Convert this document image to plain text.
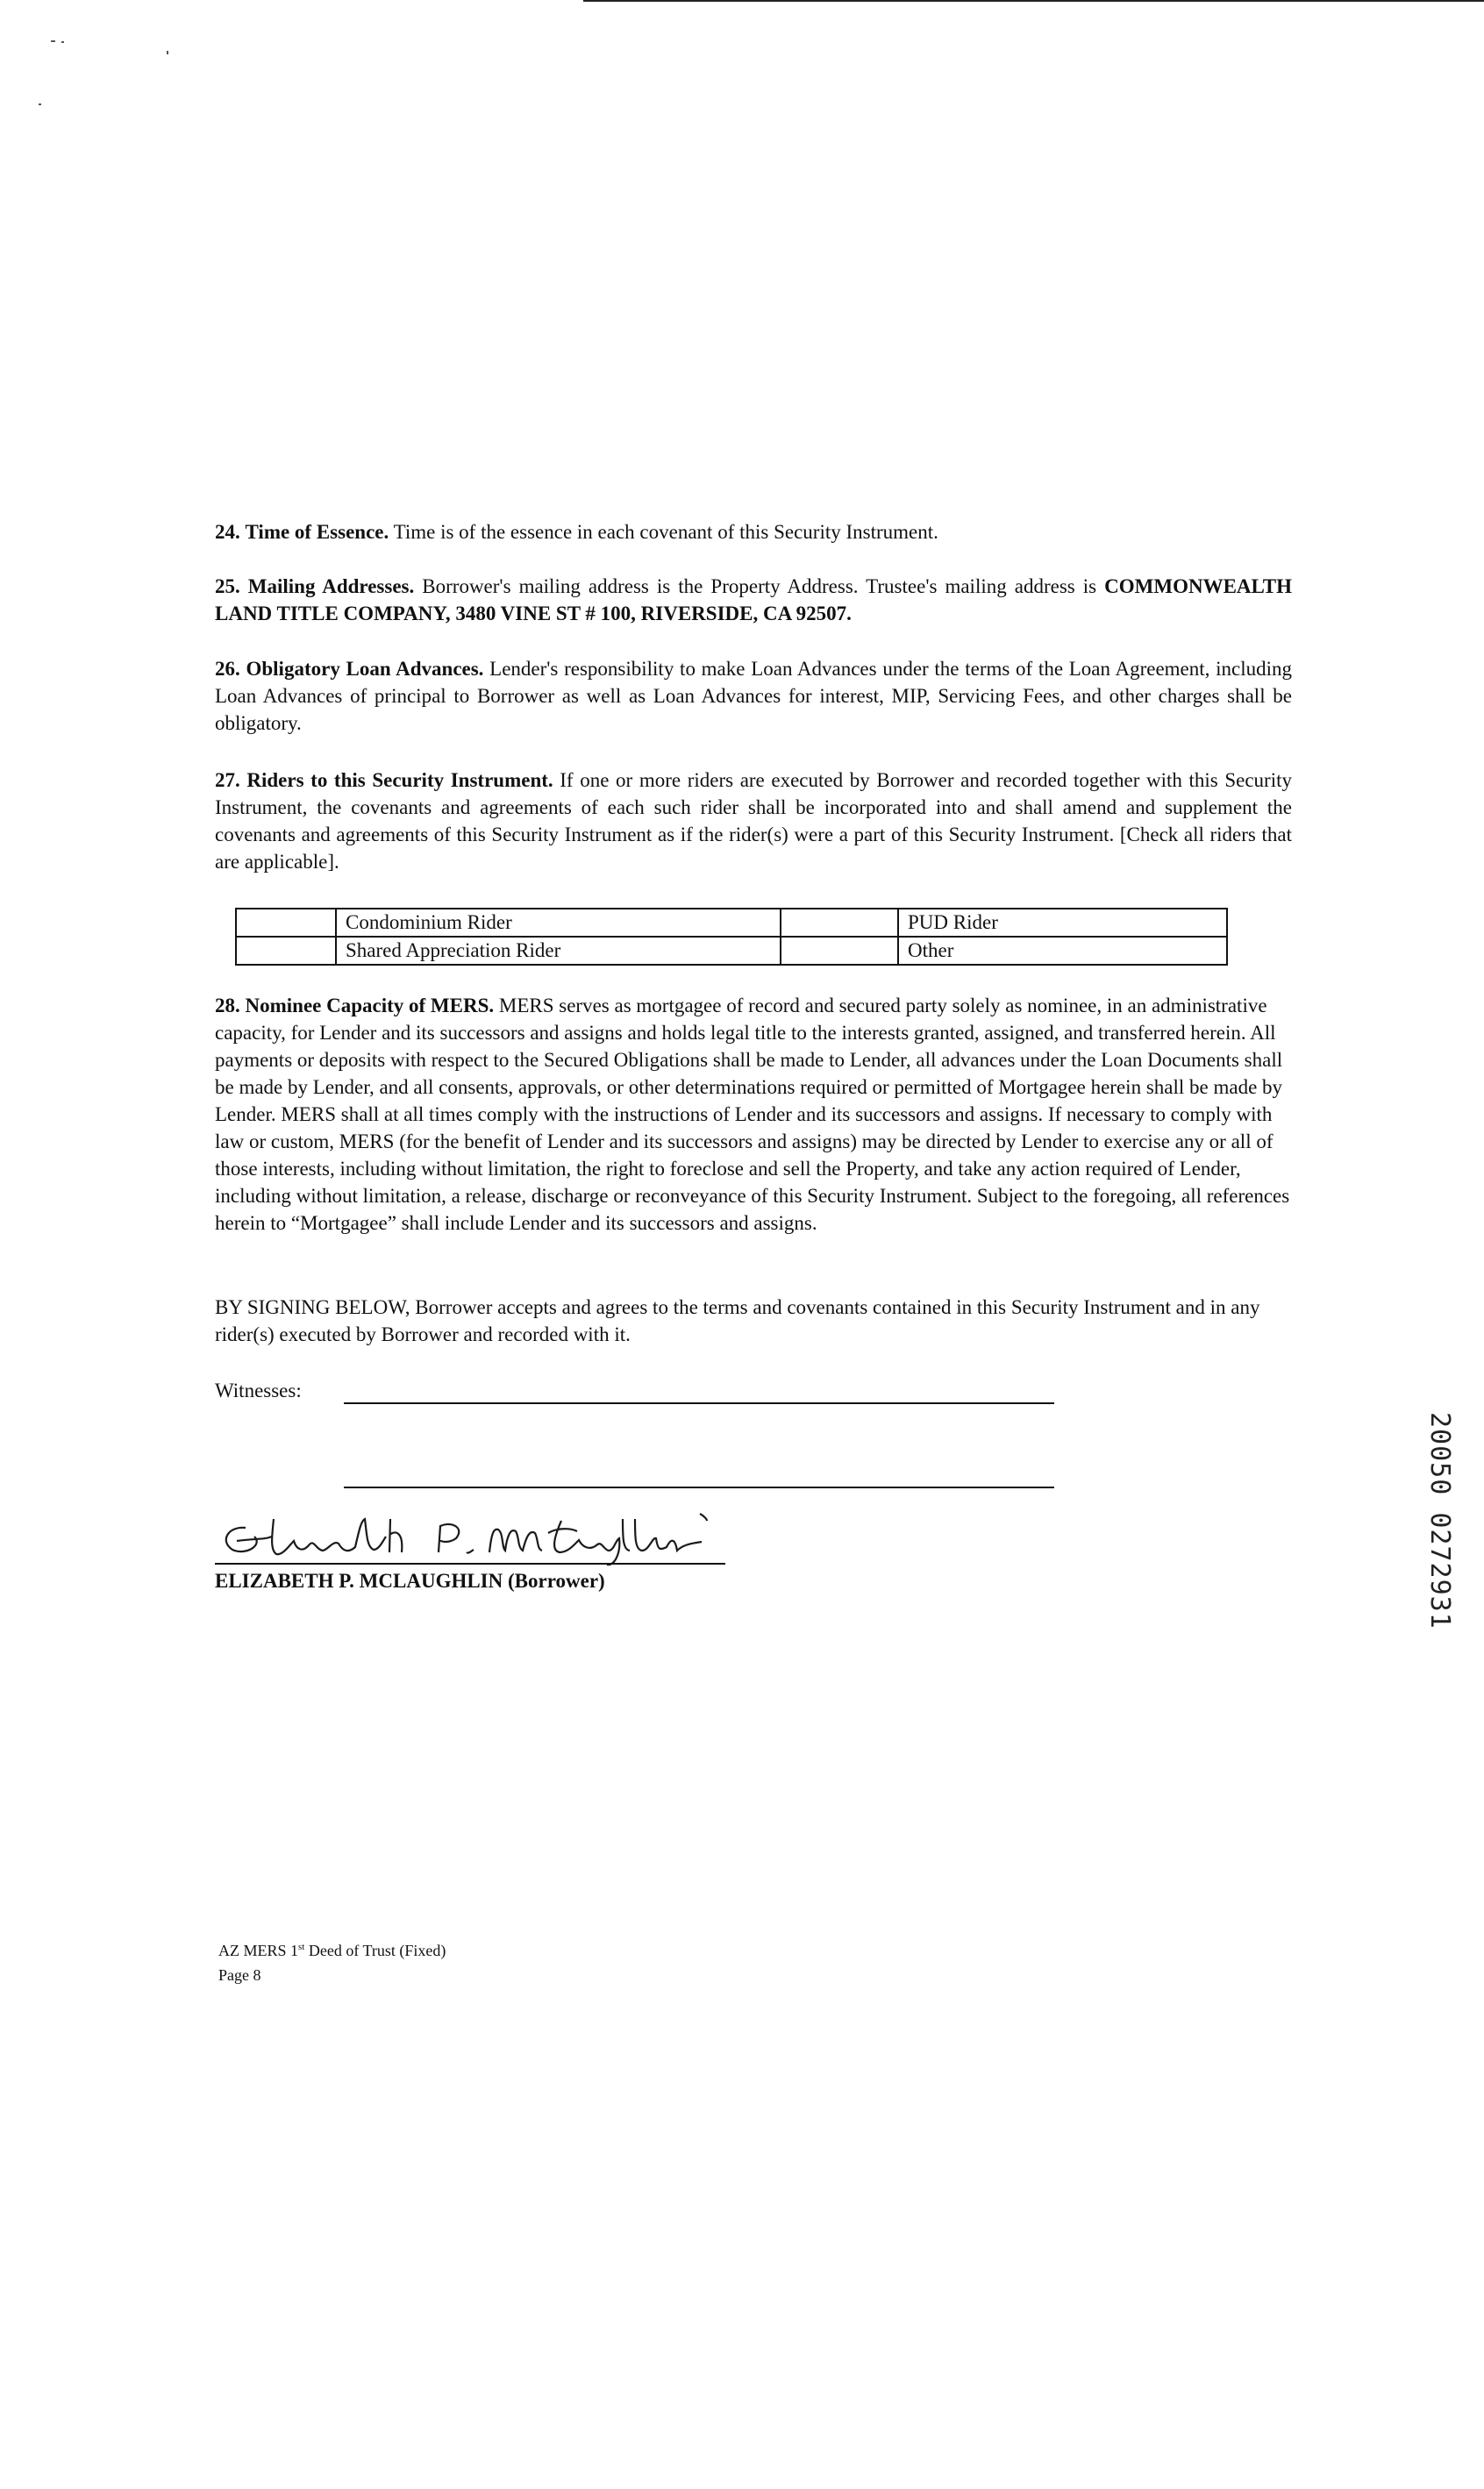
24. Time of Essence. Time is of the essence in each covenant of this Security Instrument.
25. Mailing Addresses. Borrower's mailing address is the Property Address. Trustee's mailing address is COMMONWEALTH LAND TITLE COMPANY, 3480 VINE ST # 100, RIVERSIDE, CA 92507.
26. Obligatory Loan Advances. Lender's responsibility to make Loan Advances under the terms of the Loan Agreement, including Loan Advances of principal to Borrower as well as Loan Advances for interest, MIP, Servicing Fees, and other charges shall be obligatory.
27. Riders to this Security Instrument. If one or more riders are executed by Borrower and recorded together with this Security Instrument, the covenants and agreements of each such rider shall be incorporated into and shall amend and supplement the covenants and agreements of this Security Instrument as if the rider(s) were a part of this Security Instrument. [Check all riders that are applicable].
	Condominium Rider		PUD Rider
	Shared Appreciation Rider		Other
28. Nominee Capacity of MERS. MERS serves as mortgagee of record and secured party solely as nominee, in an administrative capacity, for Lender and its successors and assigns and holds legal title to the interests granted, assigned, and transferred herein. All payments or deposits with respect to the Secured Obligations shall be made to Lender, all advances under the Loan Documents shall be made by Lender, and all consents, approvals, or other determinations required or permitted of Mortgagee herein shall be made by Lender. MERS shall at all times comply with the instructions of Lender and its successors and assigns. If necessary to comply with law or custom, MERS (for the benefit of Lender and its successors and assigns) may be directed by Lender to exercise any or all of those interests, including without limitation, the right to foreclose and sell the Property, and take any action required of Lender, including without limitation, a release, discharge or reconveyance of this Security Instrument. Subject to the foregoing, all references herein to “Mortgagee” shall include Lender and its successors and assigns.
BY SIGNING BELOW, Borrower accepts and agrees to the terms and covenants contained in this Security Instrument and in any rider(s) executed by Borrower and recorded with it.
Witnesses:
ELIZABETH P. MCLAUGHLIN (Borrower)
AZ MERS 1st Deed of Trust (Fixed)
Page 8
20050 0272931
